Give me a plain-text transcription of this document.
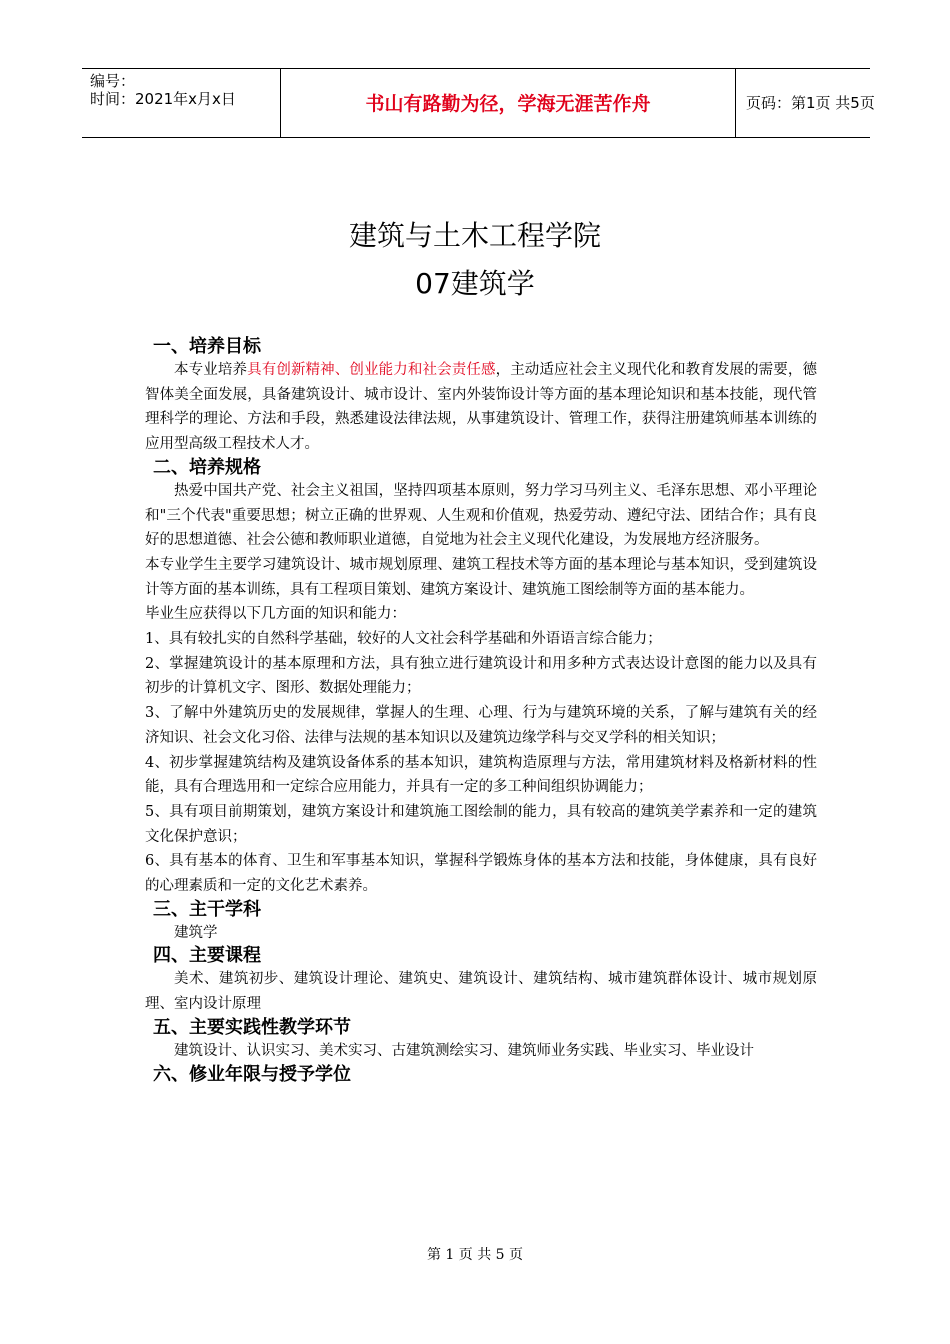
编号：
时间：2021年x月x日	书山有路勤为径，学海无涯苦作舟	页码：第1页 共5页
建筑与土木工程学院
07建筑学
一、培养目标

本专业培养具有创新精神、创业能力和社会责任感，主动适应社会主义现代化和教育发展的需要，德智体美全面发展，具备建筑设计、城市设计、室内外装饰设计等方面的基本理论知识和基本技能，现代管理科学的理论、方法和手段，熟悉建设法律法规，从事建筑设计、管理工作，获得注册建筑师基本训练的应用型高级工程技术人才。

二、培养规格

热爱中国共产党、社会主义祖国，坚持四项基本原则，努力学习马列主义、毛泽东思想、邓小平理论和"三个代表"重要思想；树立正确的世界观、人生观和价值观，热爱劳动、遵纪守法、团结合作；具有良好的思想道德、社会公德和教师职业道德，自觉地为社会主义现代化建设，为发展地方经济服务。

本专业学生主要学习建筑设计、城市规划原理、建筑工程技术等方面的基本理论与基本知识，受到建筑设计等方面的基本训练，具有工程项目策划、建筑方案设计、建筑施工图绘制等方面的基本能力。

毕业生应获得以下几方面的知识和能力：

1、具有较扎实的自然科学基础，较好的人文社会科学基础和外语语言综合能力；

2、掌握建筑设计的基本原理和方法，具有独立进行建筑设计和用多种方式表达设计意图的能力以及具有初步的计算机文字、图形、数据处理能力；

3、了解中外建筑历史的发展规律，掌握人的生理、心理、行为与建筑环境的关系，了解与建筑有关的经济知识、社会文化习俗、法律与法规的基本知识以及建筑边缘学科与交叉学科的相关知识；

4、初步掌握建筑结构及建筑设备体系的基本知识，建筑构造原理与方法，常用建筑材料及格新材料的性能，具有合理选用和一定综合应用能力，并具有一定的多工种间组织协调能力；

5、具有项目前期策划，建筑方案设计和建筑施工图绘制的能力，具有较高的建筑美学素养和一定的建筑文化保护意识；

6、具有基本的体育、卫生和军事基本知识，掌握科学锻炼身体的基本方法和技能，身体健康，具有良好的心理素质和一定的文化艺术素养。

三、主干学科

建筑学

四、主要课程

美术、建筑初步、建筑设计理论、建筑史、建筑设计、建筑结构、城市建筑群体设计、城市规划原理、室内设计原理

五、主要实践性教学环节

建筑设计、认识实习、美术实习、古建筑测绘实习、建筑师业务实践、毕业实习、毕业设计

六、修业年限与授予学位
第 1 页 共 5 页
